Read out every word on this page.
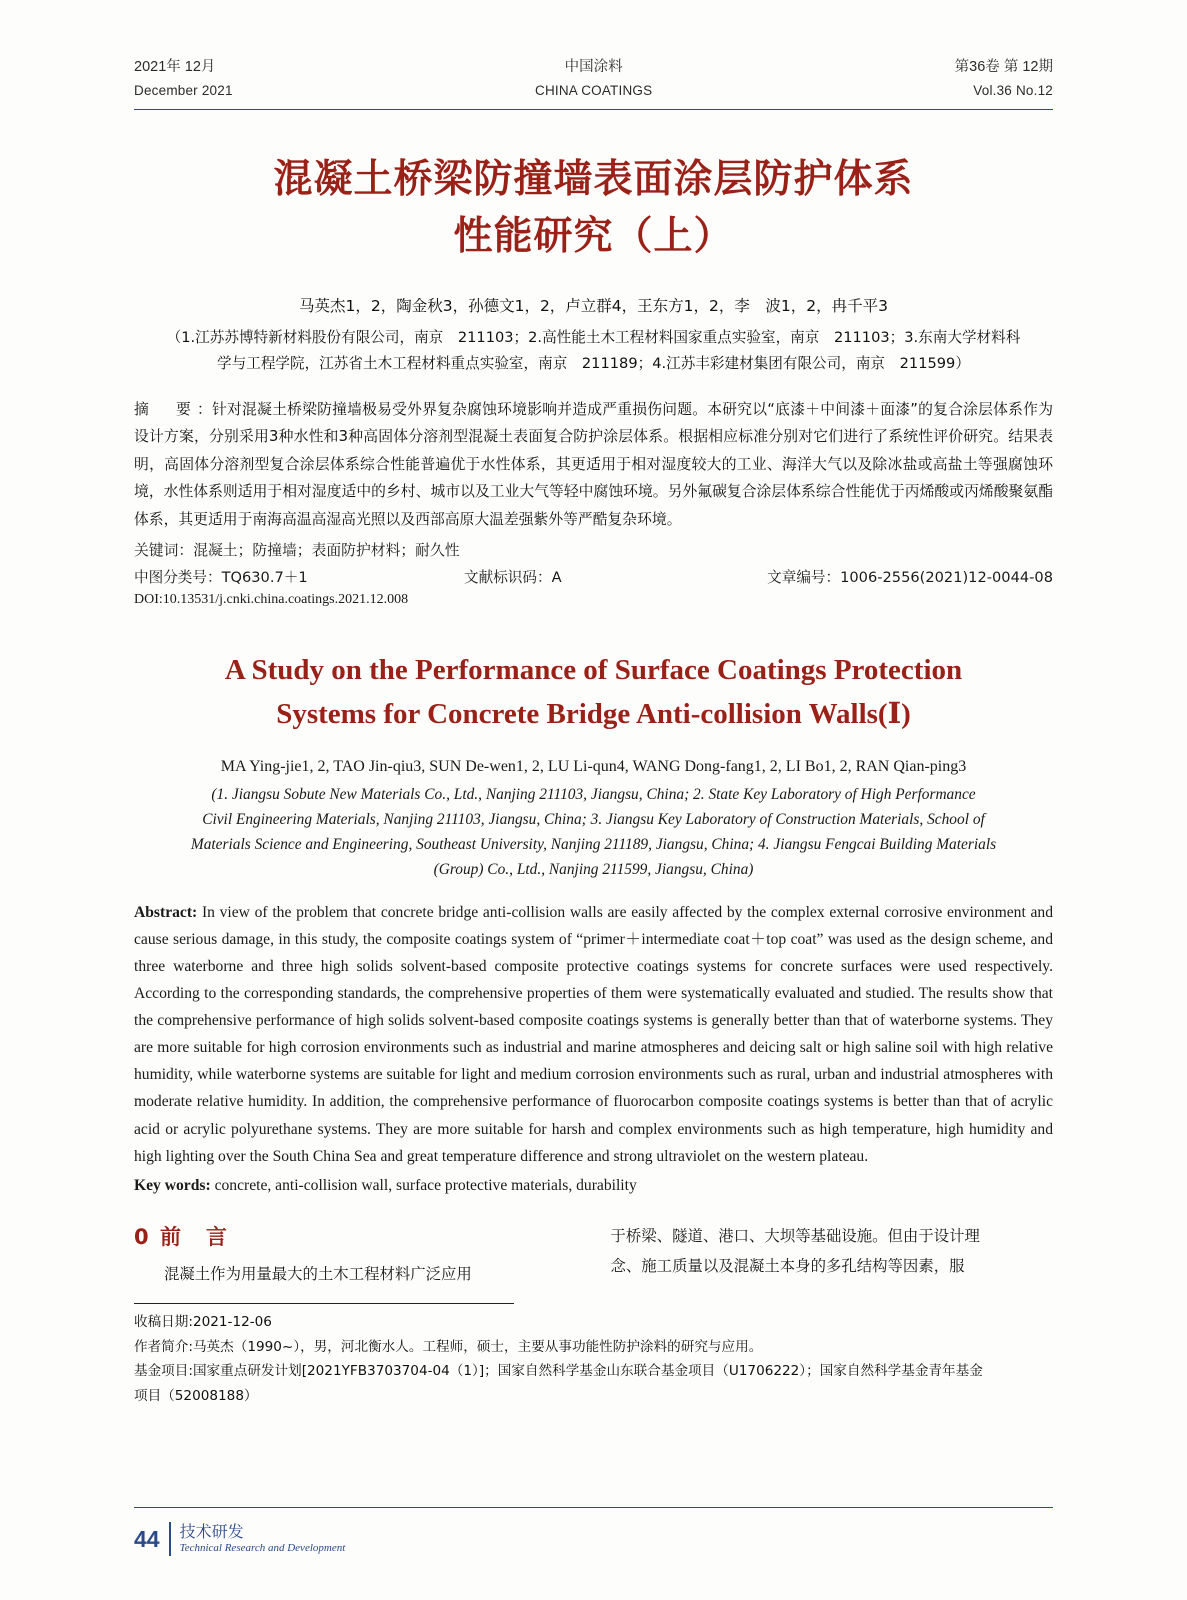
2021年 12月
December 2021
中国涂料
CHINA COATINGS
第36卷 第 12期
Vol.36 No.12
混凝土桥梁防撞墙表面涂层防护体系
性能研究（上）
马英杰1，2，陶金秋3，孙德文1，2，卢立群4，王东方1，2，李　波1，2，冉千平3
（1.江苏苏博特新材料股份有限公司，南京　211103；2.高性能土木工程材料国家重点实验室，南京　211103；3.东南大学材料科
学与工程学院，江苏省土木工程材料重点实验室，南京　211189；4.江苏丰彩建材集团有限公司，南京　211599）

摘　要：针对混凝土桥梁防撞墙极易受外界复杂腐蚀环境影响并造成严重损伤问题。本研究以“底漆＋中间漆＋面漆”的复合涂层体系作为设计方案，分别采用3种水性和3种高固体分溶剂型混凝土表面复合防护涂层体系。根据相应标准分别对它们进行了系统性评价研究。结果表明，高固体分溶剂型复合涂层体系综合性能普遍优于水性体系，其更适用于相对湿度较大的工业、海洋大气以及除冰盐或高盐土等强腐蚀环境，水性体系则适用于相对湿度适中的乡村、城市以及工业大气等轻中腐蚀环境。另外氟碳复合涂层体系综合性能优于丙烯酸或丙烯酸聚氨酯体系，其更适用于南海高温高湿高光照以及西部高原大温差强紫外等严酷复杂环境。

关键词：混凝土；防撞墙；表面防护材料；耐久性
中图分类号：TQ630.7＋1	文献标识码：A	文章编号：1006-2556(2021)12-0044-08
DOI:10.13531/j.cnki.china.coatings.2021.12.008
A Study on the Performance of Surface Coatings Protection
Systems for Concrete Bridge Anti-collision Walls(Ⅰ)
MA Ying-jie1, 2, TAO Jin-qiu3, SUN De-wen1, 2, LU Li-qun4, WANG Dong-fang1, 2, LI Bo1, 2, RAN Qian-ping3
(1. Jiangsu Sobute New Materials Co., Ltd., Nanjing 211103, Jiangsu, China; 2. State Key Laboratory of High Performance
Civil Engineering Materials, Nanjing 211103, Jiangsu, China; 3. Jiangsu Key Laboratory of Construction Materials, School of
Materials Science and Engineering, Southeast University, Nanjing 211189, Jiangsu, China; 4. Jiangsu Fengcai Building Materials
(Group) Co., Ltd., Nanjing 211599, Jiangsu, China)
Abstract: In view of the problem that concrete bridge anti-collision walls are easily affected by the complex external corrosive environment and cause serious damage, in this study, the composite coatings system of “primer＋intermediate coat＋top coat” was used as the design scheme, and three waterborne and three high solids solvent-based composite protective coatings systems for concrete surfaces were used respectively. According to the corresponding standards, the comprehensive properties of them were systematically evaluated and studied. The results show that the comprehensive performance of high solids solvent-based composite coatings systems is generally better than that of waterborne systems. They are more suitable for high corrosion environments such as industrial and marine atmospheres and deicing salt or high saline soil with high relative humidity, while waterborne systems are suitable for light and medium corrosion environments such as rural, urban and industrial atmospheres with moderate relative humidity. In addition, the comprehensive performance of fluorocarbon composite coatings systems is better than that of acrylic acid or acrylic polyurethane systems. They are more suitable for harsh and complex environments such as high temperature, high humidity and high lighting over the South China Sea and great temperature difference and strong ultraviolet on the western plateau.
Key words: concrete, anti-collision wall, surface protective materials, durability
0 前　言
混凝土作为用量最大的土木工程材料广泛应用
于桥梁、隧道、港口、大坝等基础设施。但由于设计理
念、施工质量以及混凝土本身的多孔结构等因素，服
收稿日期:2021-12-06
作者简介:马英杰（1990~），男，河北衡水人。工程师，硕士，主要从事功能性防护涂料的研究与应用。
基金项目:国家重点研发计划[2021YFB3703704-04（1）]；国家自然科学基金山东联合基金项目（U1706222）；国家自然科学基金青年基金
项目（52008188）
44 技术研发
Technical Research and Development
